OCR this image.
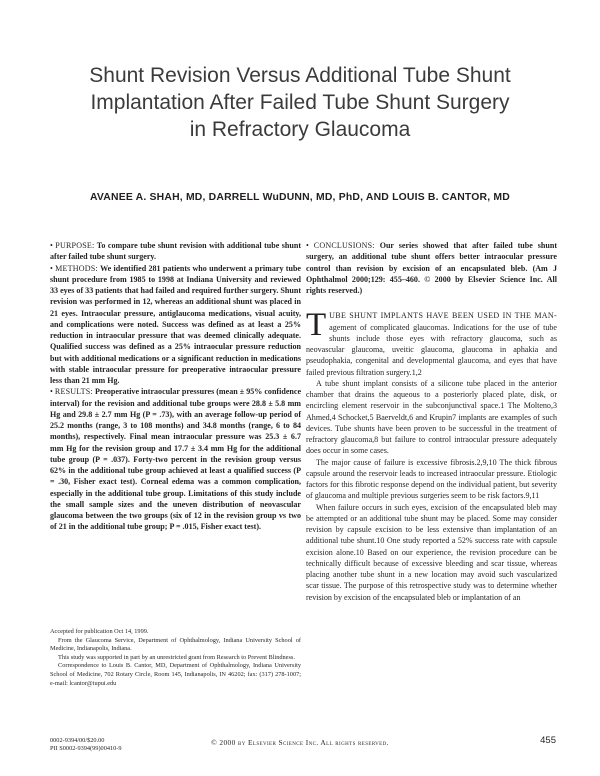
Shunt Revision Versus Additional Tube Shunt
Implantation After Failed Tube Shunt Surgery
in Refractory Glaucoma
AVANEE A. SHAH, MD, DARRELL WuDUNN, MD, PhD, AND LOUIS B. CANTOR, MD

• PURPOSE: To compare tube shunt revision with additional tube shunt after failed tube shunt surgery.

• METHODS: We identified 281 patients who underwent a primary tube shunt procedure from 1985 to 1998 at Indiana University and reviewed 33 eyes of 33 patients that had failed and required further surgery. Shunt revision was performed in 12, whereas an additional shunt was placed in 21 eyes. Intraocular pressure, antiglaucoma medications, visual acuity, and complications were noted. Success was defined as at least a 25% reduction in intraocular pressure that was deemed clinically adequate. Qualified success was defined as a 25% intraocular pressure reduction but with additional medications or a significant reduction in medications with stable intraocular pressure for preoperative intraocular pressure less than 21 mm Hg.

• RESULTS: Preoperative intraocular pressures (mean ± 95% confidence interval) for the revision and additional tube groups were 28.8 ± 5.8 mm Hg and 29.8 ± 2.7 mm Hg (P = .73), with an average follow-up period of 25.2 months (range, 3 to 108 months) and 34.8 months (range, 6 to 84 months), respectively. Final mean intraocular pressure was 25.3 ± 6.7 mm Hg for the revision group and 17.7 ± 3.4 mm Hg for the additional tube group (P = .037). Forty-two percent in the revision group versus 62% in the additional tube group achieved at least a qualified success (P = .30, Fisher exact test). Corneal edema was a common complication, especially in the additional tube group. Limitations of this study include the small sample sizes and the uneven distribution of neovascular glaucoma between the two groups (six of 12 in the revision group vs two of 21 in the additional tube group; P = .015, Fisher exact test).

• CONCLUSIONS: Our series showed that after failed tube shunt surgery, an additional tube shunt offers better intraocular pressure control than revision by excision of an encapsulated bleb. (Am J Ophthalmol 2000;129: 455–460. © 2000 by Elsevier Science Inc. All rights reserved.)

TUBE SHUNT IMPLANTS HAVE BEEN USED IN THE MAN- agement of complicated glaucomas. Indications for the use of tube shunts include those eyes with refractory glaucoma, such as neovascular glaucoma, uveitic glaucoma, glaucoma in aphakia and pseudophakia, congenital and developmental glaucoma, and eyes that have failed previous filtration surgery.1,2

A tube shunt implant consists of a silicone tube placed in the anterior chamber that drains the aqueous to a posteriorly placed plate, disk, or encircling element reservoir in the subconjunctival space.1 The Molteno,3 Ahmed,4 Schocket,5 Baerveldt,6 and Krupin7 implants are examples of such devices. Tube shunts have been proven to be successful in the treatment of refractory glaucoma,8 but failure to control intraocular pressure adequately does occur in some cases.

The major cause of failure is excessive fibrosis.2,9,10 The thick fibrous capsule around the reservoir leads to increased intraocular pressure. Etiologic factors for this fibrotic response depend on the individual patient, but severity of glaucoma and multiple previous surgeries seem to be risk factors.9,11

When failure occurs in such eyes, excision of the encapsulated bleb may be attempted or an additional tube shunt may be placed. Some may consider revision by capsule excision to be less extensive than implantation of an additional tube shunt.10 One study reported a 52% success rate with capsule excision alone.10 Based on our experience, the revision procedure can be technically difficult because of excessive bleeding and scar tissue, whereas placing another tube shunt in a new location may avoid such vascularized scar tissue. The purpose of this retrospective study was to determine whether revision by excision of the encapsulated bleb or implantation of an

Accepted for publication Oct 14, 1999.

From the Glaucoma Service, Department of Ophthalmology, Indiana University School of Medicine, Indianapolis, Indiana.

This study was supported in part by an unrestricted grant from Research to Prevent Blindness.

Correspondence to Louis B. Cantor, MD, Department of Ophthalmology, Indiana University School of Medicine, 702 Rotary Circle, Room 145, Indianapolis, IN 46202; fax: (317) 278-1007; e-mail: lcantor@iupui.edu

0002-9394/00/$20.00
PII S0002-9394(99)00410-9
© 2000 by Elsevier Science Inc. All rights reserved.	455
